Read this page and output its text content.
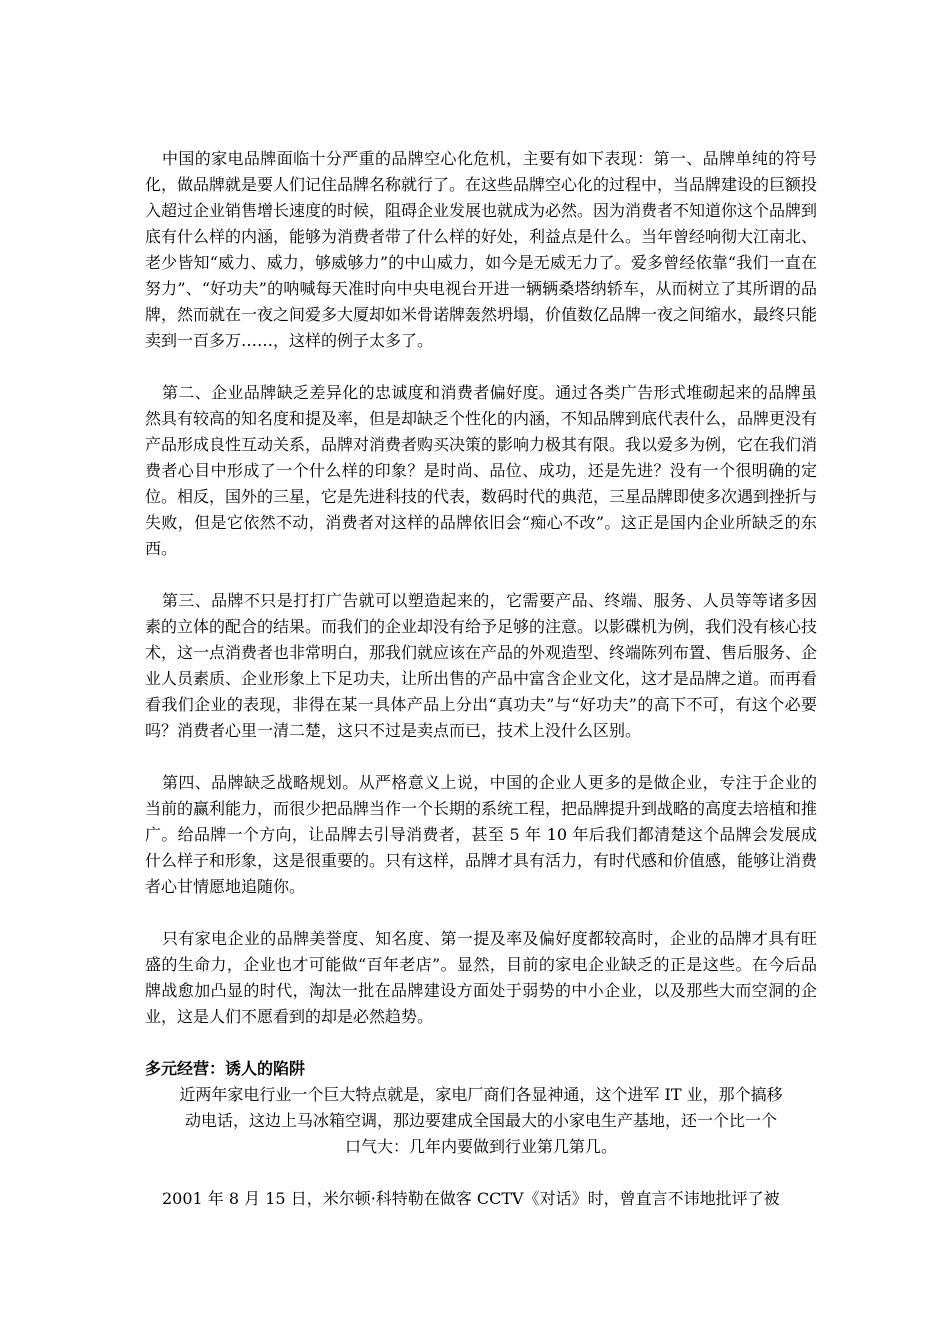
中国的家电品牌面临十分严重的品牌空心化危机，主要有如下表现：第一、品牌单纯的符号化，做品牌就是要人们记住品牌名称就行了。在这些品牌空心化的过程中，当品牌建设的巨额投入超过企业销售增长速度的时候，阻碍企业发展也就成为必然。因为消费者不知道你这个品牌到底有什么样的内涵，能够为消费者带了什么样的好处，利益点是什么。当年曾经响彻大江南北、老少皆知“威力、威力，够威够力”的中山威力，如今是无威无力了。爱多曾经依靠“我们一直在努力”、“好功夫”的呐喊每天准时向中央电视台开进一辆辆桑塔纳轿车，从而树立了其所谓的品牌，然而就在一夜之间爱多大厦却如米骨诺牌轰然坍塌，价值数亿品牌一夜之间缩水，最终只能卖到一百多万……，这样的例子太多了。

第二、企业品牌缺乏差异化的忠诚度和消费者偏好度。通过各类广告形式堆砌起来的品牌虽然具有较高的知名度和提及率，但是却缺乏个性化的内涵，不知品牌到底代表什么，品牌更没有产品形成良性互动关系，品牌对消费者购买决策的影响力极其有限。我以爱多为例，它在我们消费者心目中形成了一个什么样的印象？是时尚、品位、成功，还是先进？没有一个很明确的定位。相反，国外的三星，它是先进科技的代表，数码时代的典范，三星品牌即使多次遇到挫折与失败，但是它依然不动，消费者对这样的品牌依旧会“痴心不改”。这正是国内企业所缺乏的东西。

第三、品牌不只是打打广告就可以塑造起来的，它需要产品、终端、服务、人员等等诸多因素的立体的配合的结果。而我们的企业却没有给予足够的注意。以影碟机为例，我们没有核心技术，这一点消费者也非常明白，那我们就应该在产品的外观造型、终端陈列布置、售后服务、企业人员素质、企业形象上下足功夫，让所出售的产品中富含企业文化，这才是品牌之道。而再看看我们企业的表现，非得在某一具体产品上分出“真功夫”与“好功夫”的高下不可，有这个必要吗？消费者心里一清二楚，这只不过是卖点而已，技术上没什么区别。

第四、品牌缺乏战略规划。从严格意义上说，中国的企业人更多的是做企业，专注于企业的当前的赢利能力，而很少把品牌当作一个长期的系统工程，把品牌提升到战略的高度去培植和推广。给品牌一个方向，让品牌去引导消费者，甚至 5 年 10 年后我们都清楚这个品牌会发展成什么样子和形象，这是很重要的。只有这样，品牌才具有活力，有时代感和价值感，能够让消费者心甘情愿地追随你。

只有家电企业的品牌美誉度、知名度、第一提及率及偏好度都较高时，企业的品牌才具有旺盛的生命力，企业也才可能做“百年老店”。显然，目前的家电企业缺乏的正是这些。在今后品牌战愈加凸显的时代，淘汰一批在品牌建设方面处于弱势的中小企业，以及那些大而空洞的企业，这是人们不愿看到的却是必然趋势。

多元经营：诱人的陷阱

近两年家电行业一个巨大特点就是，家电厂商们各显神通，这个进军 IT 业，那个搞移

动电话，这边上马冰箱空调，那边要建成全国最大的小家电生产基地，还一个比一个

口气大：几年内要做到行业第几第几。

2001 年 8 月 15 日，米尔顿·科特勒在做客 CCTV《对话》时，曾直言不讳地批评了被
